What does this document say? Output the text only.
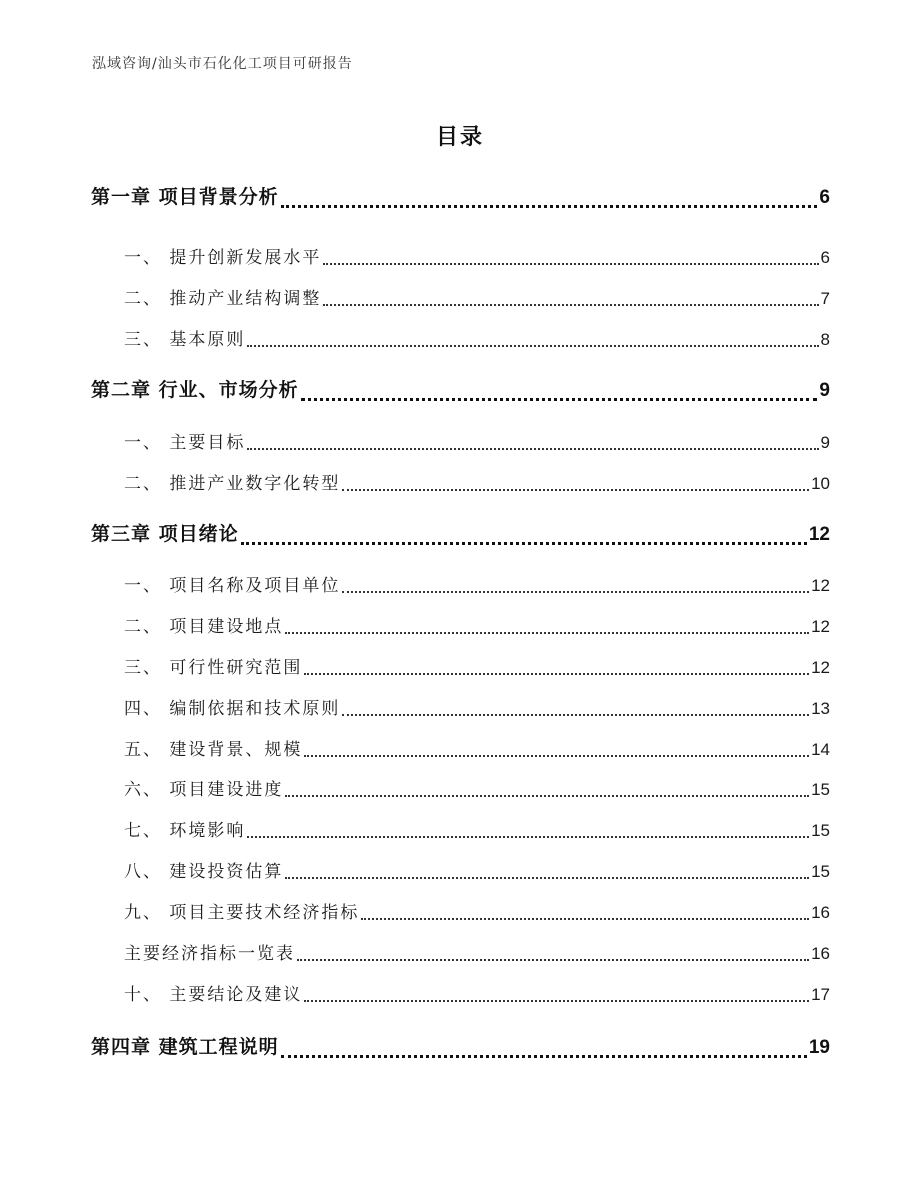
泓域咨询/汕头市石化化工项目可研报告
目录
第一章 项目背景分析	6
一、 提升创新发展水平	6
二、 推动产业结构调整	7
三、 基本原则	8
第二章 行业、市场分析	9
一、 主要目标	9
二、 推进产业数字化转型	10
第三章 项目绪论	12
一、 项目名称及项目单位	12
二、 项目建设地点	12
三、 可行性研究范围	12
四、 编制依据和技术原则	13
五、 建设背景、规模	14
六、 项目建设进度	15
七、 环境影响	15
八、 建设投资估算	15
九、 项目主要技术经济指标	16
主要经济指标一览表	16
十、 主要结论及建议	17
第四章 建筑工程说明	19
